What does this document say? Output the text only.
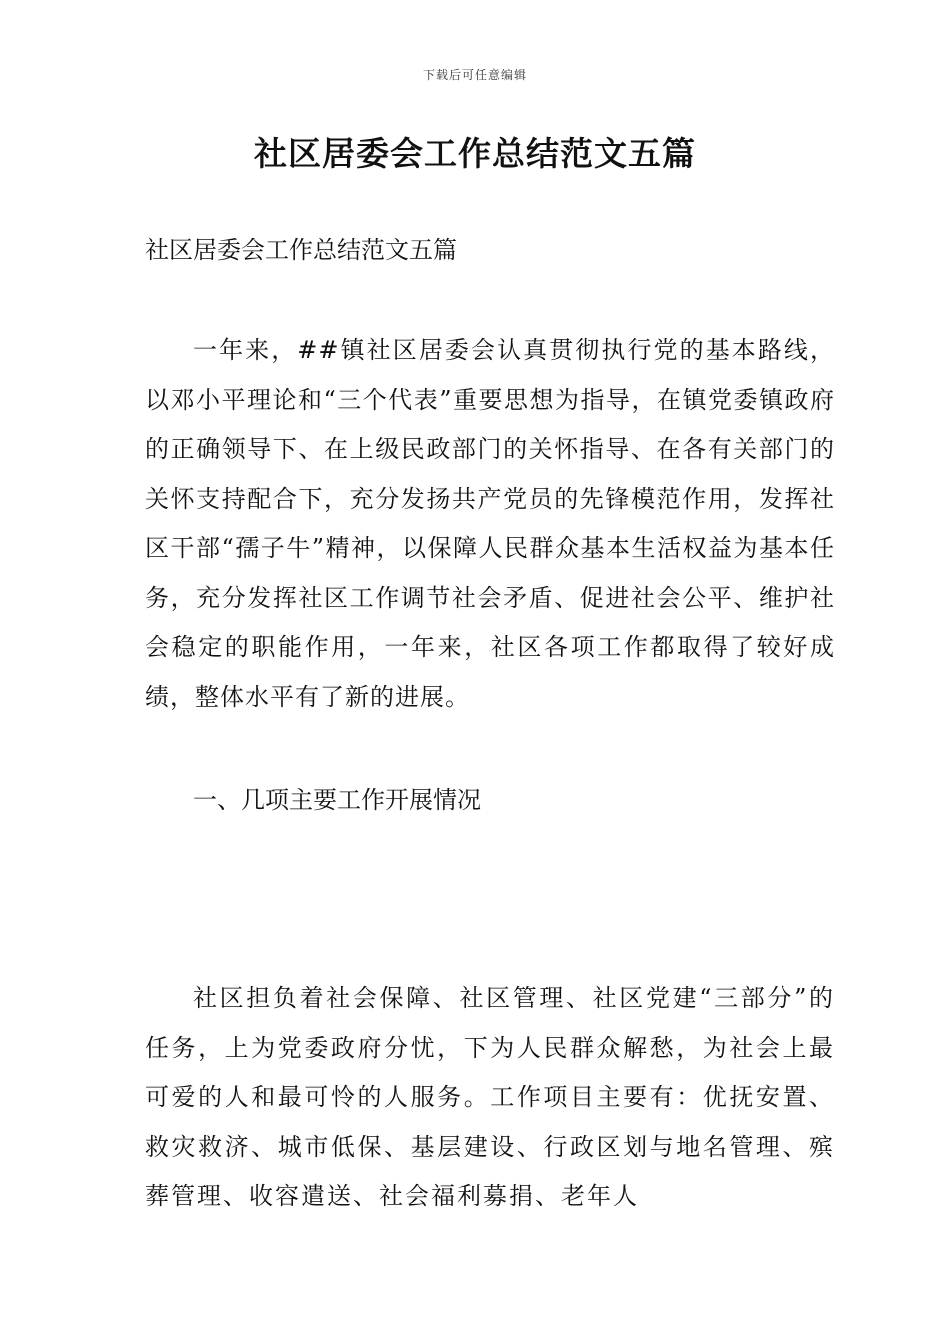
下载后可任意编辑
社区居委会工作总结范文五篇

社区居委会工作总结范文五篇

一年来，##镇社区居委会认真贯彻执行党的基本路线，以邓小平理论和“三个代表”重要思想为指导，在镇党委镇政府的正确领导下、在上级民政部门的关怀指导、在各有关部门的关怀支持配合下，充分发扬共产党员的先锋模范作用，发挥社区干部“孺子牛”精神，以保障人民群众基本生活权益为基本任务，充分发挥社区工作调节社会矛盾、促进社会公平、维护社会稳定的职能作用，一年来，社区各项工作都取得了较好成绩，整体水平有了新的进展。

一、几项主要工作开展情况

社区担负着社会保障、社区管理、社区党建“三部分”的任务，上为党委政府分忧，下为人民群众解愁，为社会上最可爱的人和最可怜的人服务。工作项目主要有：优抚安置、救灾救济、城市低保、基层建设、行政区划与地名管理、殡葬管理、收容遣送、社会福利募捐、老年人
